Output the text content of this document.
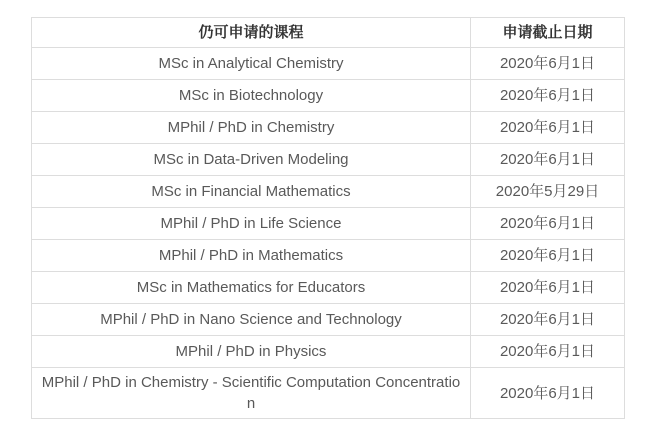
仍可申请的课程	申请截止日期
MSc in Analytical Chemistry	2020年6月1日
MSc in Biotechnology	2020年6月1日
MPhil / PhD in Chemistry	2020年6月1日
MSc in Data-Driven Modeling	2020年6月1日
MSc in Financial Mathematics	2020年5月29日
MPhil / PhD in Life Science	2020年6月1日
MPhil / PhD in Mathematics	2020年6月1日
MSc in Mathematics for Educators	2020年6月1日
MPhil / PhD in Nano Science and Technology	2020年6月1日
MPhil / PhD in Physics	2020年6月1日
MPhil / PhD in Chemistry - Scientific Computation Concentration	2020年6月1日
